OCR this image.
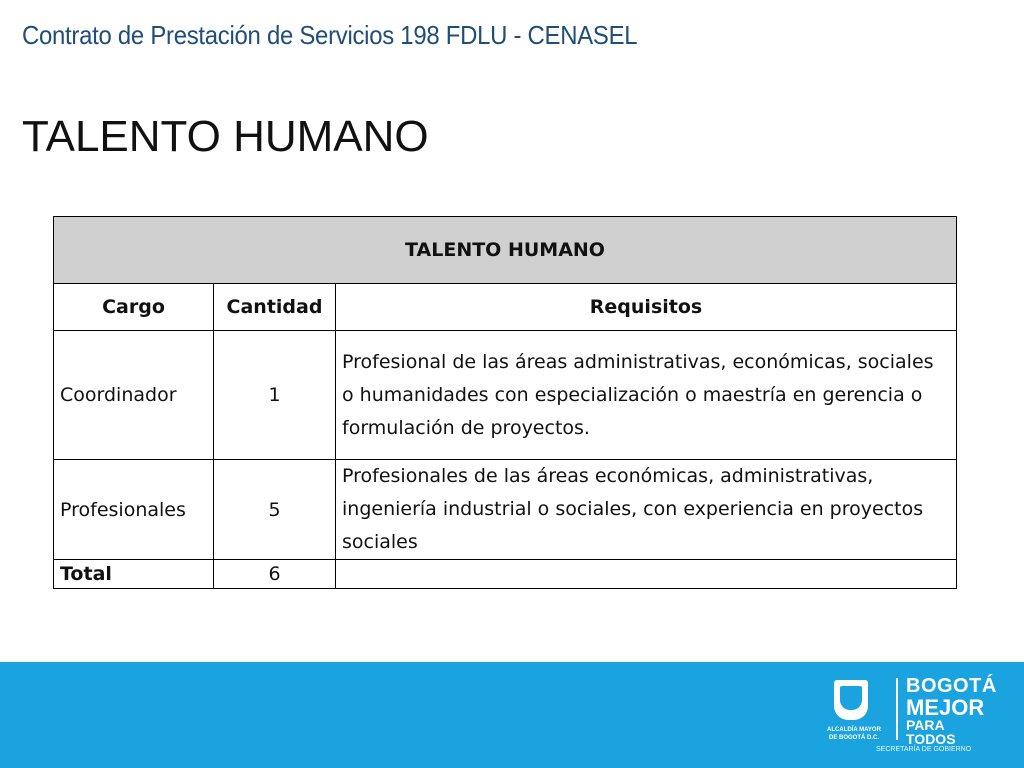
Contrato de Prestación de Servicios 198 FDLU - CENASEL
TALENTO HUMANO
TALENTO HUMANO		
Cargo	Cantidad	Requisitos
Coordinador	1	Profesional de las áreas administrativas, económicas, sociales o humanidades con especialización o maestría en gerencia o formulación de proyectos.
Profesionales	5	Profesionales de las áreas económicas, administrativas, ingeniería industrial o sociales, con experiencia en proyectos sociales
Total	6	
ALCALDÍA MAYOR
DE BOGOTÁ D.C.
BOGOTÁ
MEJOR
PARA TODOS
SECRETARÍA DE GOBIERNO
